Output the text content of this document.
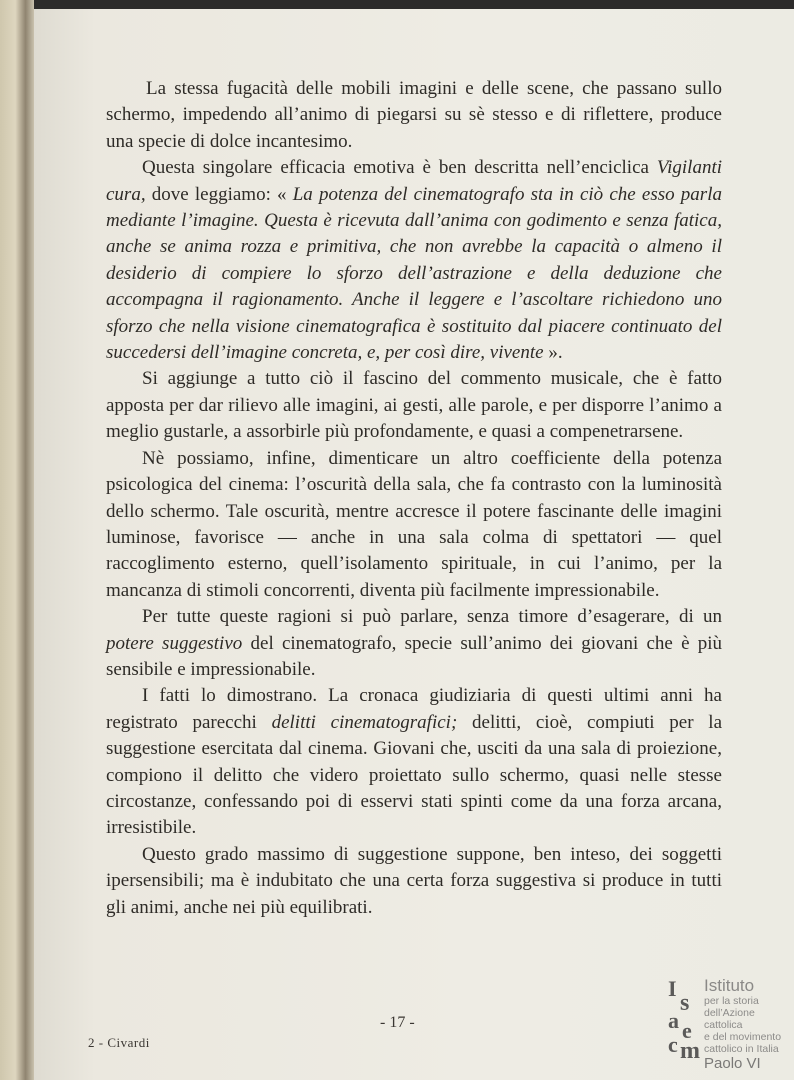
La stessa fugacità delle mobili imagini e delle scene, che passano sullo schermo, impedendo all’animo di piegarsi su sè stesso e di riflettere, produce una specie di dolce incantesimo.

Questa singolare efficacia emotiva è ben descritta nell’enciclica Vigilanti cura, dove leggiamo: « La potenza del cinematografo sta in ciò che esso parla mediante l’imagine. Questa è ricevuta dall’anima con godimento e senza fatica, anche se anima rozza e primitiva, che non avrebbe la capacità o almeno il desiderio di compiere lo sforzo dell’astrazione e della deduzione che accompagna il ragionamento. Anche il leggere e l’ascoltare richiedono uno sforzo che nella visione cinematografica è sostituito dal piacere continuato del succedersi dell’imagine concreta, e, per così dire, vivente ».

Si aggiunge a tutto ciò il fascino del commento musicale, che è fatto apposta per dar rilievo alle imagini, ai gesti, alle parole, e per disporre l’animo a meglio gustarle, a assorbirle più profondamente, e quasi a compenetrarsene.

Nè possiamo, infine, dimenticare un altro coefficiente della potenza psicologica del cinema: l’oscurità della sala, che fa contrasto con la luminosità dello schermo. Tale oscurità, mentre accresce il potere fascinante delle imagini luminose, favorisce — anche in una sala colma di spettatori — quel raccoglimento esterno, quell’isolamento spirituale, in cui l’animo, per la mancanza di stimoli concorrenti, diventa più facilmente impressionabile.

Per tutte queste ragioni si può parlare, senza timore d’esagerare, di un potere suggestivo del cinematografo, specie sull’animo dei giovani che è più sensibile e impressionabile.

I fatti lo dimostrano. La cronaca giudiziaria di questi ultimi anni ha registrato parecchi delitti cinematografici; delitti, cioè, compiuti per la suggestione esercitata dal cinema. Giovani che, usciti da una sala di proiezione, compiono il delitto che videro proiettato sullo schermo, quasi nelle stesse circostanze, confessando poi di esservi stati spinti come da una forza arcana, irresistibile.

Questo grado massimo di suggestione suppone, ben inteso, dei soggetti ipersensibili; ma è indubitato che una certa forza suggestiva si produce in tutti gli animi, anche nei più equilibrati.

- 17 -
2 - Civardi
I
s
a e
c m
Istituto
per la storia
dell’Azione cattolica
e del movimento
cattolico in Italia
Paolo VI
